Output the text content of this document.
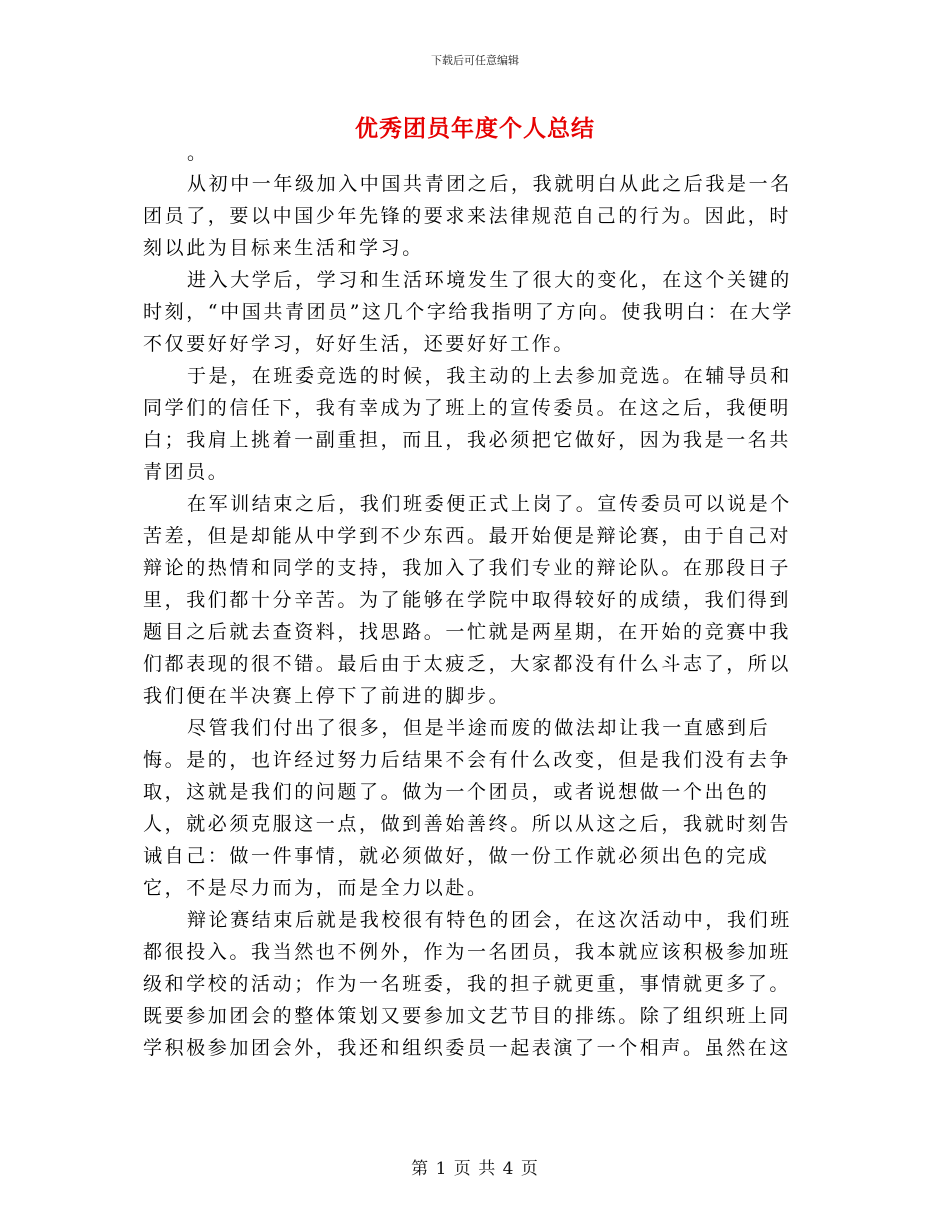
下载后可任意编辑
优秀团员年度个人总结

。

从初中一年级加入中国共青团之后，我就明白从此之后我是一名团员了，要以中国少年先锋的要求来法律规范自己的行为。因此，时刻以此为目标来生活和学习。

进入大学后，学习和生活环境发生了很大的变化，在这个关键的时刻，“中国共青团员”这几个字给我指明了方向。使我明白：在大学不仅要好好学习，好好生活，还要好好工作。

于是，在班委竞选的时候，我主动的上去参加竞选。在辅导员和同学们的信任下，我有幸成为了班上的宣传委员。在这之后，我便明白；我肩上挑着一副重担，而且，我必须把它做好，因为我是一名共青团员。

在军训结束之后，我们班委便正式上岗了。宣传委员可以说是个苦差，但是却能从中学到不少东西。最开始便是辩论赛，由于自己对辩论的热情和同学的支持，我加入了我们专业的辩论队。在那段日子里，我们都十分辛苦。为了能够在学院中取得较好的成绩，我们得到题目之后就去查资料，找思路。一忙就是两星期，在开始的竞赛中我们都表现的很不错。最后由于太疲乏，大家都没有什么斗志了，所以我们便在半决赛上停下了前进的脚步。

尽管我们付出了很多，但是半途而废的做法却让我一直感到后悔。是的，也许经过努力后结果不会有什么改变，但是我们没有去争取，这就是我们的问题了。做为一个团员，或者说想做一个出色的人，就必须克服这一点，做到善始善终。所以从这之后，我就时刻告诫自己：做一件事情，就必须做好，做一份工作就必须出色的完成它，不是尽力而为，而是全力以赴。

辩论赛结束后就是我校很有特色的团会，在这次活动中，我们班都很投入。我当然也不例外，作为一名团员，我本就应该积极参加班级和学校的活动；作为一名班委，我的担子就更重，事情就更多了。既要参加团会的整体策划又要参加文艺节目的排练。除了组织班上同学积极参加团会外，我还和组织委员一起表演了一个相声。虽然在这

第 1 页 共 4 页
